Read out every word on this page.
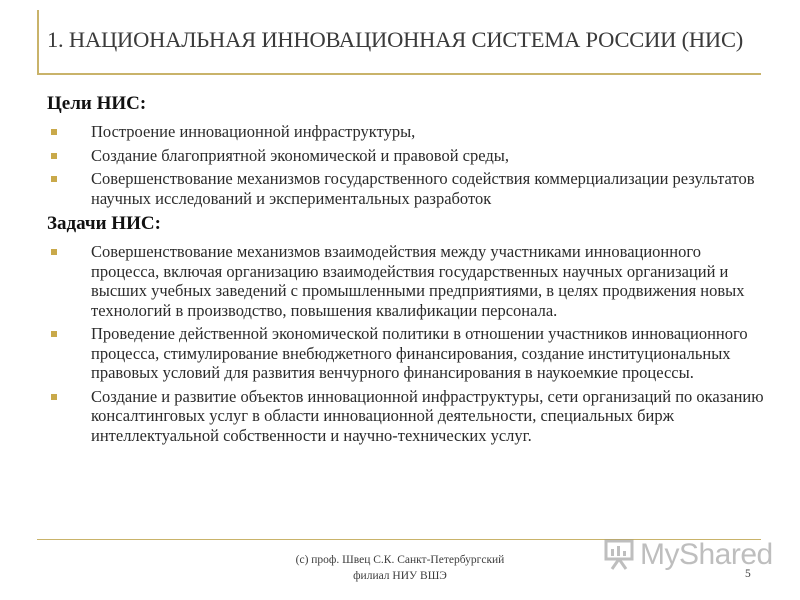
1. НАЦИОНАЛЬНАЯ ИННОВАЦИОННАЯ СИСТЕМА РОССИИ (НИС)

Цели НИС:

Построение инновационной инфраструктуры,
Создание благоприятной экономической и правовой среды,
Совершенствование механизмов государственного содействия коммерциализации результатов научных исследований и экспериментальных разработок

Задачи НИС:

Совершенствование механизмов взаимодействия между участниками инновационного процесса, включая организацию взаимодействия государственных научных организаций и высших учебных заведений с промышленными предприятиями, в целях продвижения новых технологий в производство, повышения квалификации персонала.
Проведение действенной экономической политики в отношении участников инновационного процесса, стимулирование внебюджетного финансирования, создание институциональных правовых условий для развития венчурного финансирования в наукоемкие процессы.
Создание и развитие объектов инновационной инфраструктуры, сети организаций по оказанию консалтинговых услуг в области инновационной деятельности, специальных бирж интеллектуальной собственности и научно-технических услуг.
(c) проф. Швец С.К. Санкт-Петербургский
филиал НИУ ВШЭ	5
MyShared
